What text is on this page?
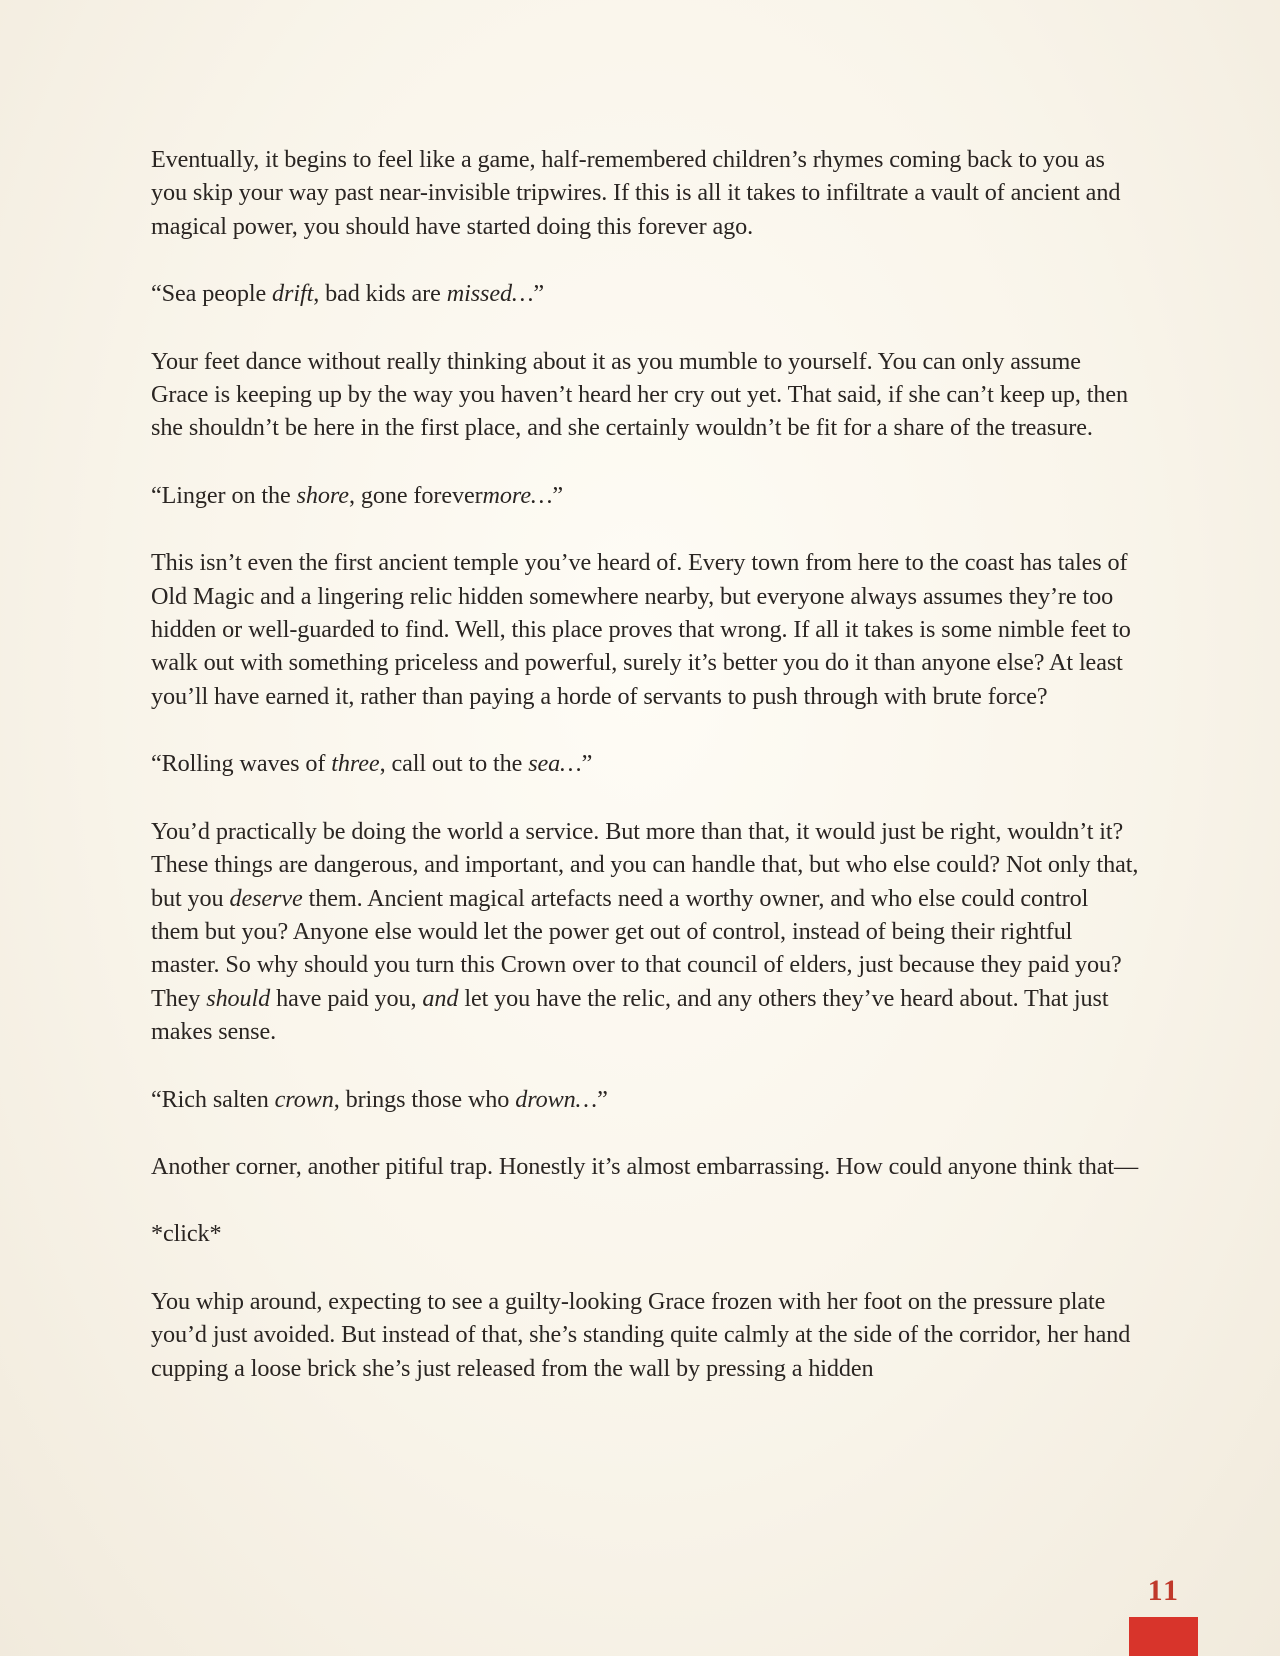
Eventually, it begins to feel like a game, half-remembered children’s rhymes coming back to you as you skip your way past near-invisible tripwires. If this is all it takes to infiltrate a vault of ancient and magical power, you should have started doing this forever ago.

“Sea people drift, bad kids are missed…”

Your feet dance without really thinking about it as you mumble to yourself. You can only assume Grace is keeping up by the way you haven’t heard her cry out yet. That said, if she can’t keep up, then she shouldn’t be here in the first place, and she certainly wouldn’t be fit for a share of the treasure.

“Linger on the shore, gone forevermore…”

This isn’t even the first ancient temple you’ve heard of. Every town from here to the coast has tales of Old Magic and a lingering relic hidden somewhere nearby, but everyone always assumes they’re too hidden or well-guarded to find. Well, this place proves that wrong. If all it takes is some nimble feet to walk out with something priceless and powerful, surely it’s better you do it than anyone else? At least you’ll have earned it, rather than paying a horde of servants to push through with brute force?

“Rolling waves of three, call out to the sea…”

You’d practically be doing the world a service. But more than that, it would just be right, wouldn’t it? These things are dangerous, and important, and you can handle that, but who else could? Not only that, but you deserve them. Ancient magical artefacts need a worthy owner, and who else could control them but you? Anyone else would let the power get out of control, instead of being their rightful master. So why should you turn this Crown over to that council of elders, just because they paid you? They should have paid you, and let you have the relic, and any others they’ve heard about. That just makes sense.

“Rich salten crown, brings those who drown…”

Another corner, another pitiful trap. Honestly it’s almost embarrassing. How could anyone think that—

*click*

You whip around, expecting to see a guilty-looking Grace frozen with her foot on the pressure plate you’d just avoided. But instead of that, she’s standing quite calmly at the side of the corridor, her hand cupping a loose brick she’s just released from the wall by pressing a hidden

11
